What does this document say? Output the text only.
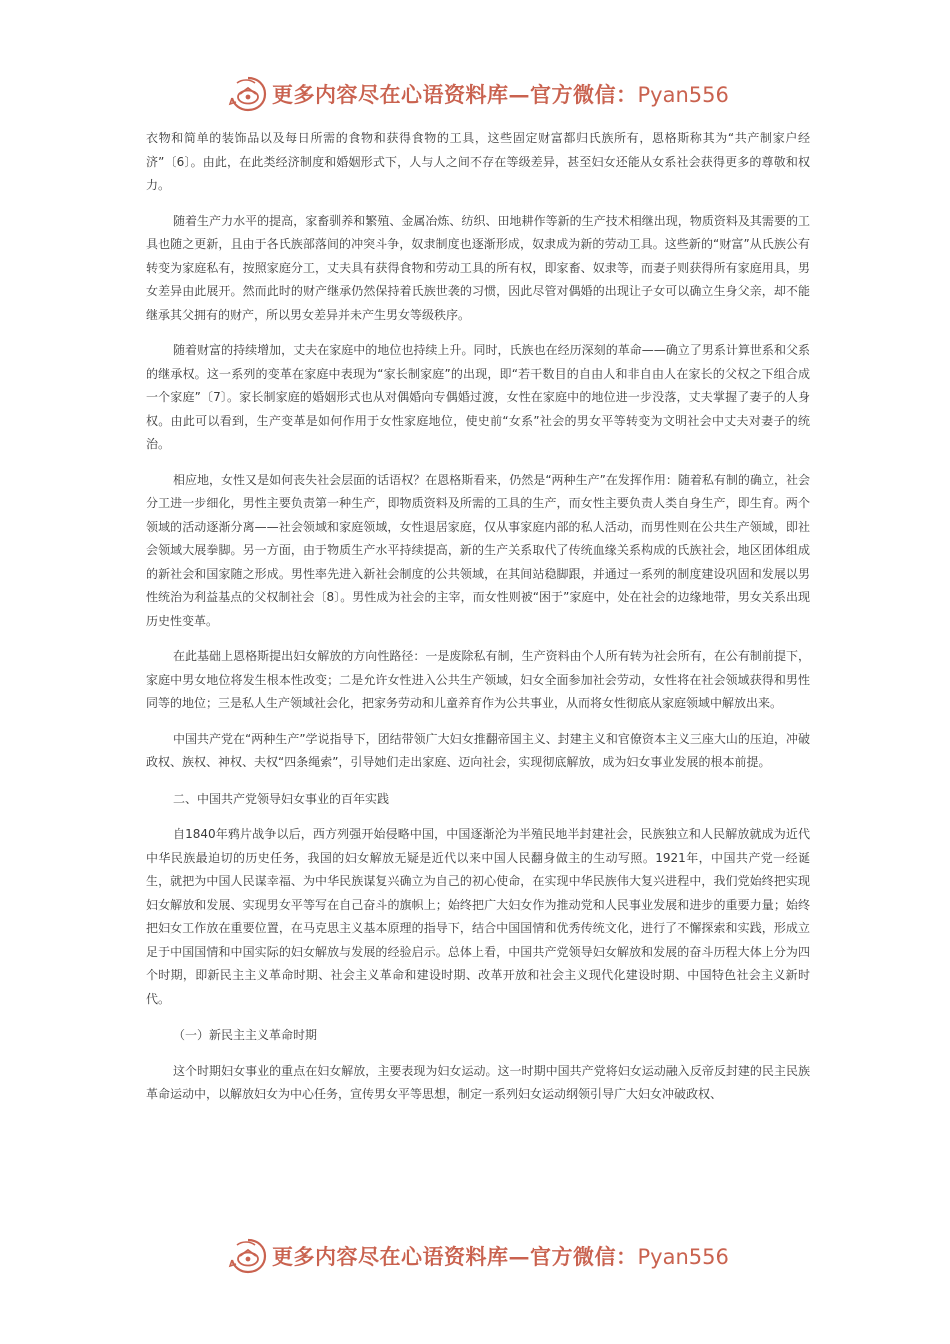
更多内容尽在心语资料库—官方微信：Pyan556

衣物和简单的装饰品以及每日所需的食物和获得食物的工具，这些固定财富都归氏族所有，恩格斯称其为“共产制家户经济”〔6〕。由此，在此类经济制度和婚姻形式下，人与人之间不存在等级差异，甚至妇女还能从女系社会获得更多的尊敬和权力。

随着生产力水平的提高，家畜驯养和繁殖、金属冶炼、纺织、田地耕作等新的生产技术相继出现，物质资料及其需要的工具也随之更新，且由于各氏族部落间的冲突斗争，奴隶制度也逐渐形成，奴隶成为新的劳动工具。这些新的“财富”从氏族公有转变为家庭私有，按照家庭分工，丈夫具有获得食物和劳动工具的所有权，即家畜、奴隶等，而妻子则获得所有家庭用具，男女差异由此展开。然而此时的财产继承仍然保持着氏族世袭的习惯，因此尽管对偶婚的出现让子女可以确立生身父亲，却不能继承其父拥有的财产，所以男女差异并未产生男女等级秩序。

随着财富的持续增加，丈夫在家庭中的地位也持续上升。同时，氏族也在经历深刻的革命——确立了男系计算世系和父系的继承权。这一系列的变革在家庭中表现为“家长制家庭”的出现，即“若干数目的自由人和非自由人在家长的父权之下组合成一个家庭”〔7〕。家长制家庭的婚姻形式也从对偶婚向专偶婚过渡，女性在家庭中的地位进一步没落，丈夫掌握了妻子的人身权。由此可以看到，生产变革是如何作用于女性家庭地位，使史前“女系”社会的男女平等转变为文明社会中丈夫对妻子的统治。

相应地，女性又是如何丧失社会层面的话语权？在恩格斯看来，仍然是“两种生产”在发挥作用：随着私有制的确立，社会分工进一步细化，男性主要负责第一种生产，即物质资料及所需的工具的生产，而女性主要负责人类自身生产，即生育。两个领域的活动逐渐分离——社会领域和家庭领域，女性退居家庭，仅从事家庭内部的私人活动，而男性则在公共生产领域，即社会领域大展拳脚。另一方面，由于物质生产水平持续提高，新的生产关系取代了传统血缘关系构成的氏族社会，地区团体组成的新社会和国家随之形成。男性率先进入新社会制度的公共领域，在其间站稳脚跟，并通过一系列的制度建设巩固和发展以男性统治为利益基点的父权制社会〔8〕。男性成为社会的主宰，而女性则被“困于”家庭中，处在社会的边缘地带，男女关系出现历史性变革。

在此基础上恩格斯提出妇女解放的方向性路径：一是废除私有制，生产资料由个人所有转为社会所有，在公有制前提下，家庭中男女地位将发生根本性改变；二是允许女性进入公共生产领域，妇女全面参加社会劳动，女性将在社会领域获得和男性同等的地位；三是私人生产领域社会化，把家务劳动和儿童养育作为公共事业，从而将女性彻底从家庭领域中解放出来。

中国共产党在“两种生产”学说指导下，团结带领广大妇女推翻帝国主义、封建主义和官僚资本主义三座大山的压迫，冲破政权、族权、神权、夫权“四条绳索”，引导她们走出家庭、迈向社会，实现彻底解放，成为妇女事业发展的根本前提。

二、中国共产党领导妇女事业的百年实践

自1840年鸦片战争以后，西方列强开始侵略中国，中国逐渐沦为半殖民地半封建社会，民族独立和人民解放就成为近代中华民族最迫切的历史任务，我国的妇女解放无疑是近代以来中国人民翻身做主的生动写照。1921年，中国共产党一经诞生，就把为中国人民谋幸福、为中华民族谋复兴确立为自己的初心使命，在实现中华民族伟大复兴进程中，我们党始终把实现妇女解放和发展、实现男女平等写在自己奋斗的旗帜上；始终把广大妇女作为推动党和人民事业发展和进步的重要力量；始终把妇女工作放在重要位置，在马克思主义基本原理的指导下，结合中国国情和优秀传统文化，进行了不懈探索和实践，形成立足于中国国情和中国实际的妇女解放与发展的经验启示。总体上看，中国共产党领导妇女解放和发展的奋斗历程大体上分为四个时期，即新民主主义革命时期、社会主义革命和建设时期、改革开放和社会主义现代化建设时期、中国特色社会主义新时代。

（一）新民主主义革命时期

这个时期妇女事业的重点在妇女解放，主要表现为妇女运动。这一时期中国共产党将妇女运动融入反帝反封建的民主民族革命运动中，以解放妇女为中心任务，宣传男女平等思想，制定一系列妇女运动纲领引导广大妇女冲破政权、

更多内容尽在心语资料库—官方微信：Pyan556
